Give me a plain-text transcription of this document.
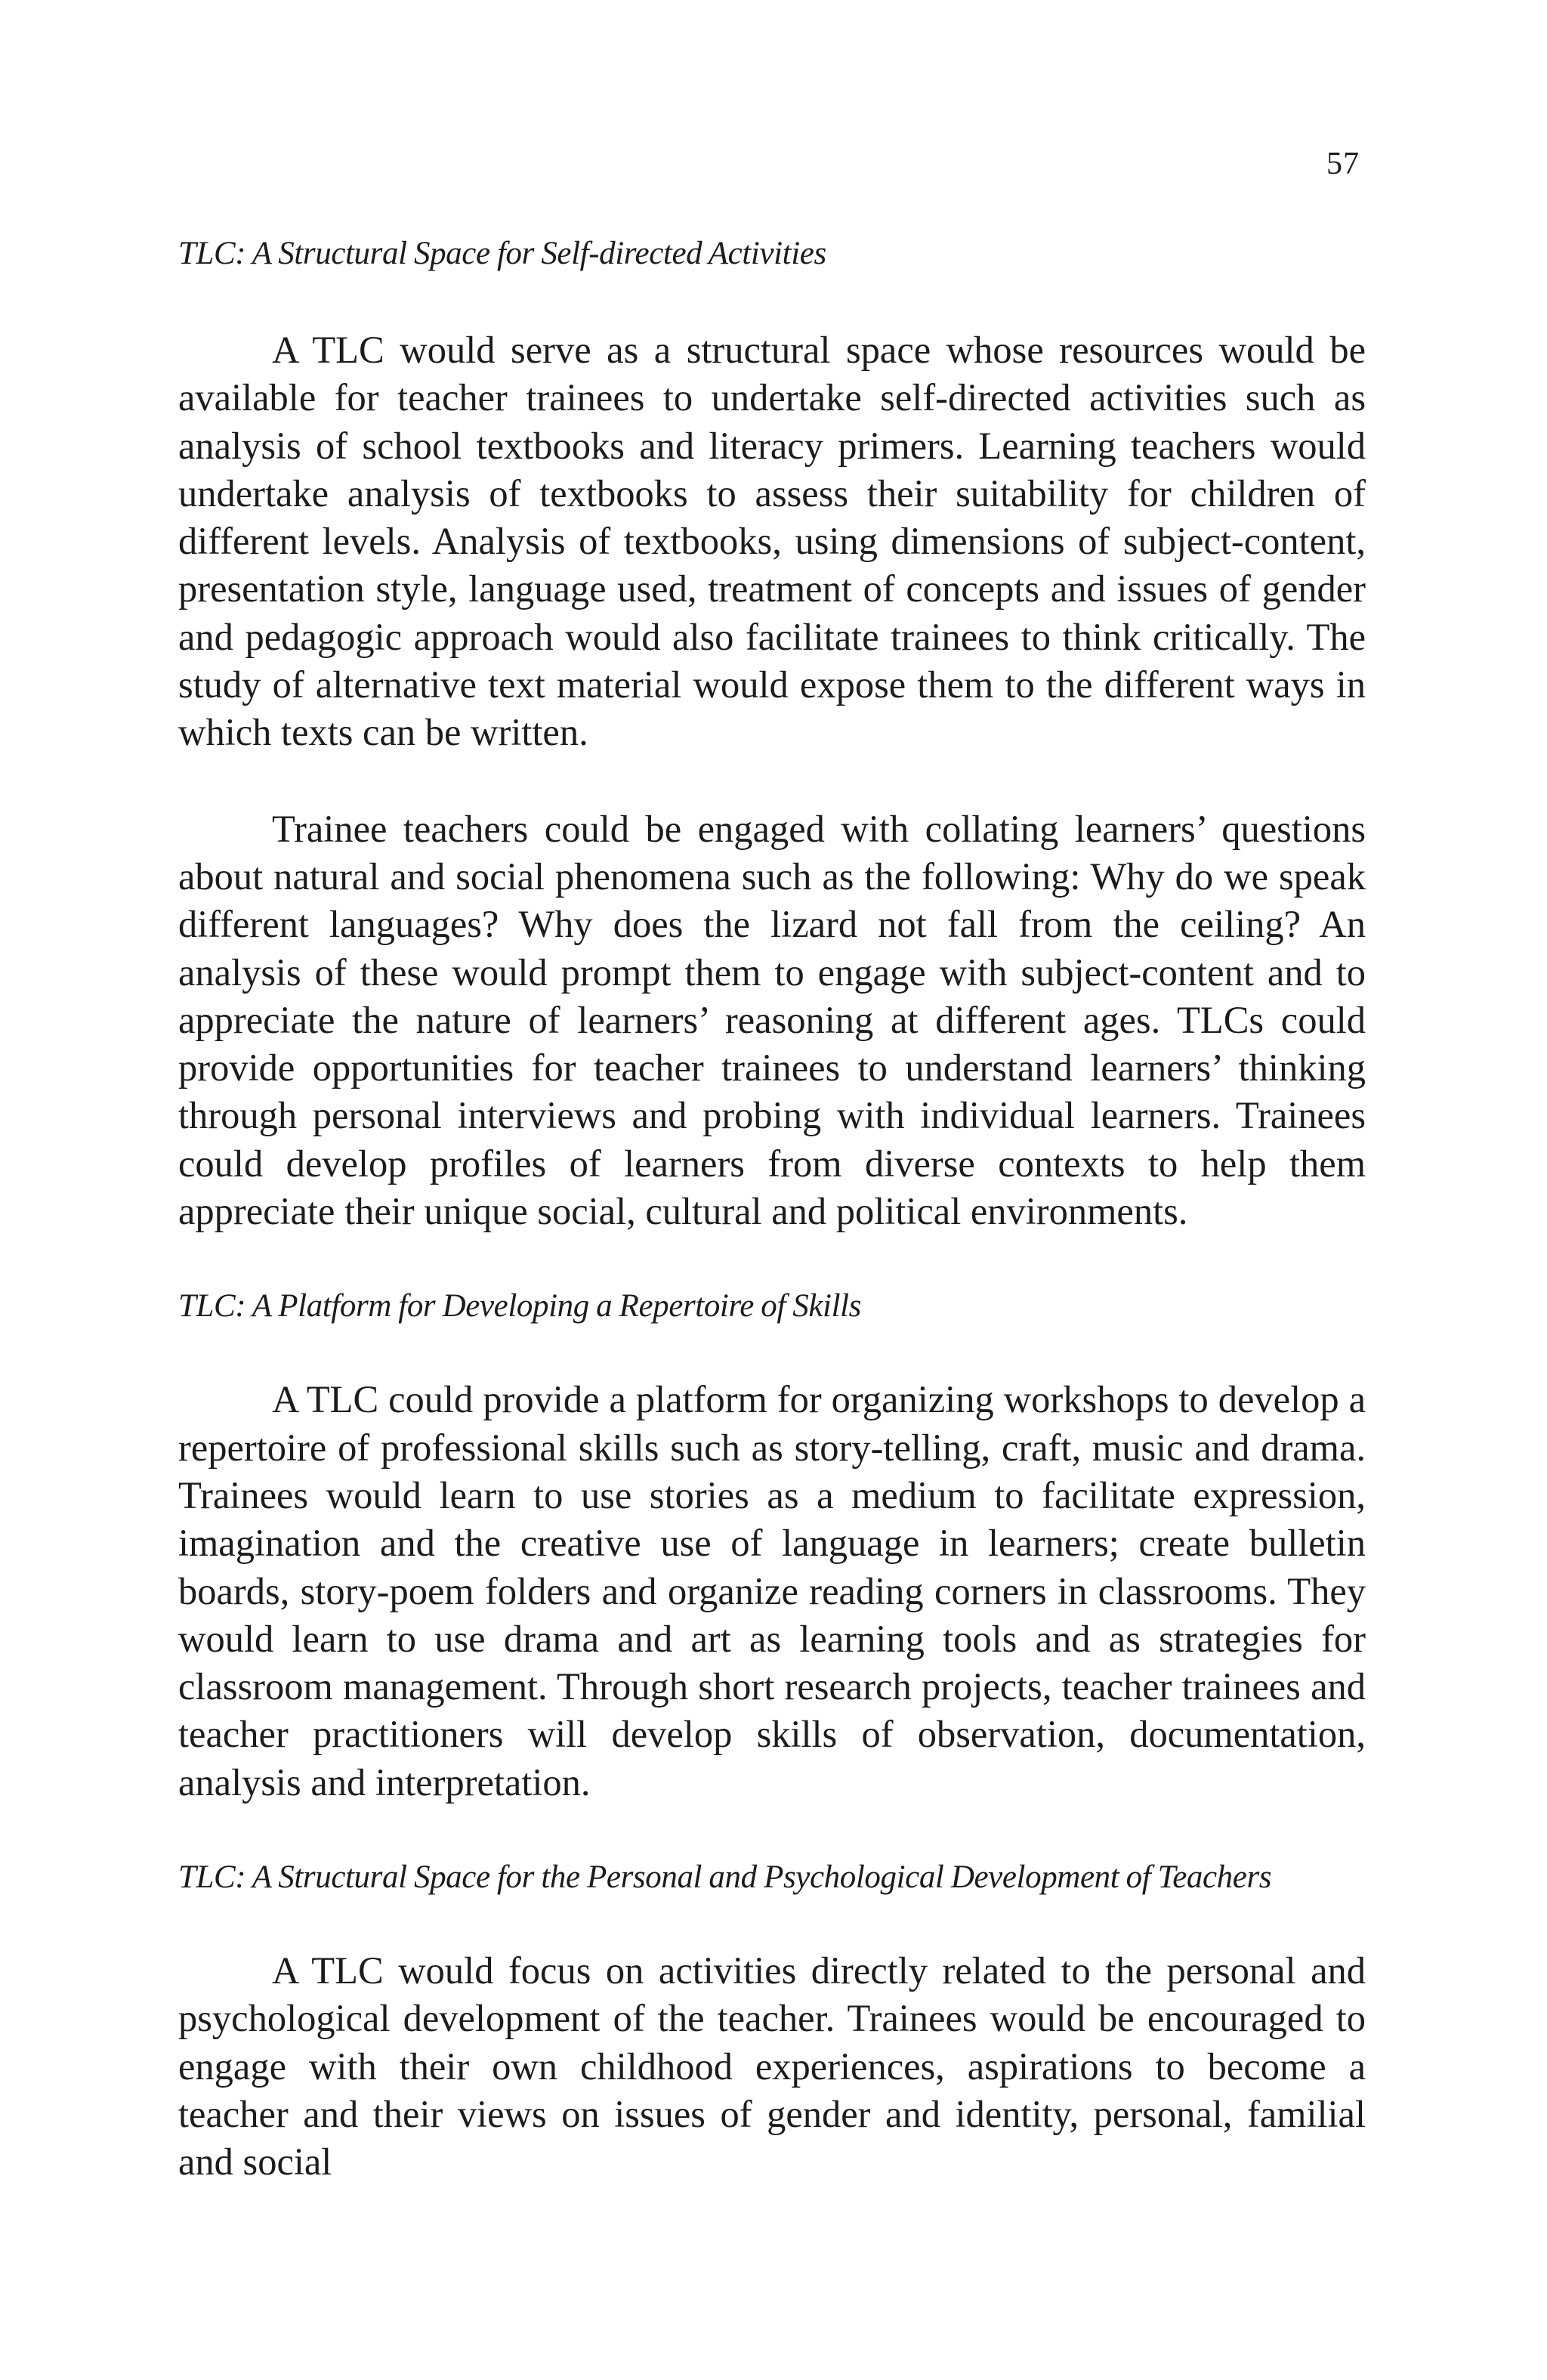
57
TLC: A Structural Space for Self-directed Activities

A TLC would serve as a structural space whose resources would be available for teacher trainees to undertake self-directed activities such as analysis of school textbooks and literacy primers. Learning teachers would undertake analysis of textbooks to assess their suitability for children of different levels. Analysis of textbooks, using dimensions of subject-content, presentation style, language used, treatment of concepts and issues of gender and pedagogic approach would also facilitate trainees to think critically. The study of alternative text material would expose them to the different ways in which texts can be written.

Trainee teachers could be engaged with collating learners’ questions about natural and social phenomena such as the following: Why do we speak different languages? Why does the lizard not fall from the ceiling? An analysis of these would prompt them to engage with subject-content and to appreciate the nature of learners’ reasoning at different ages. TLCs could provide opportunities for teacher trainees to understand learners’ thinking through personal interviews and probing with individual learners. Trainees could develop profiles of learners from diverse contexts to help them appreciate their unique social, cultural and political environments.

TLC: A Platform for Developing a Repertoire of Skills

A TLC could provide a platform for organizing workshops to develop a repertoire of professional skills such as story-telling, craft, music and drama. Trainees would learn to use stories as a medium to facilitate expression, imagination and the creative use of language in learners; create bulletin boards, story-poem folders and organize reading corners in classrooms. They would learn to use drama and art as learning tools and as strategies for classroom management. Through short research projects, teacher trainees and teacher practitioners will develop skills of observation, documentation, analysis and interpretation.

TLC: A Structural Space for the Personal and Psychological Development of Teachers

A TLC would focus on activities directly related to the personal and psychological development of the teacher. Trainees would be encouraged to engage with their own childhood experiences, aspirations to become a teacher and their views on issues of gender and identity, personal, familial and social
